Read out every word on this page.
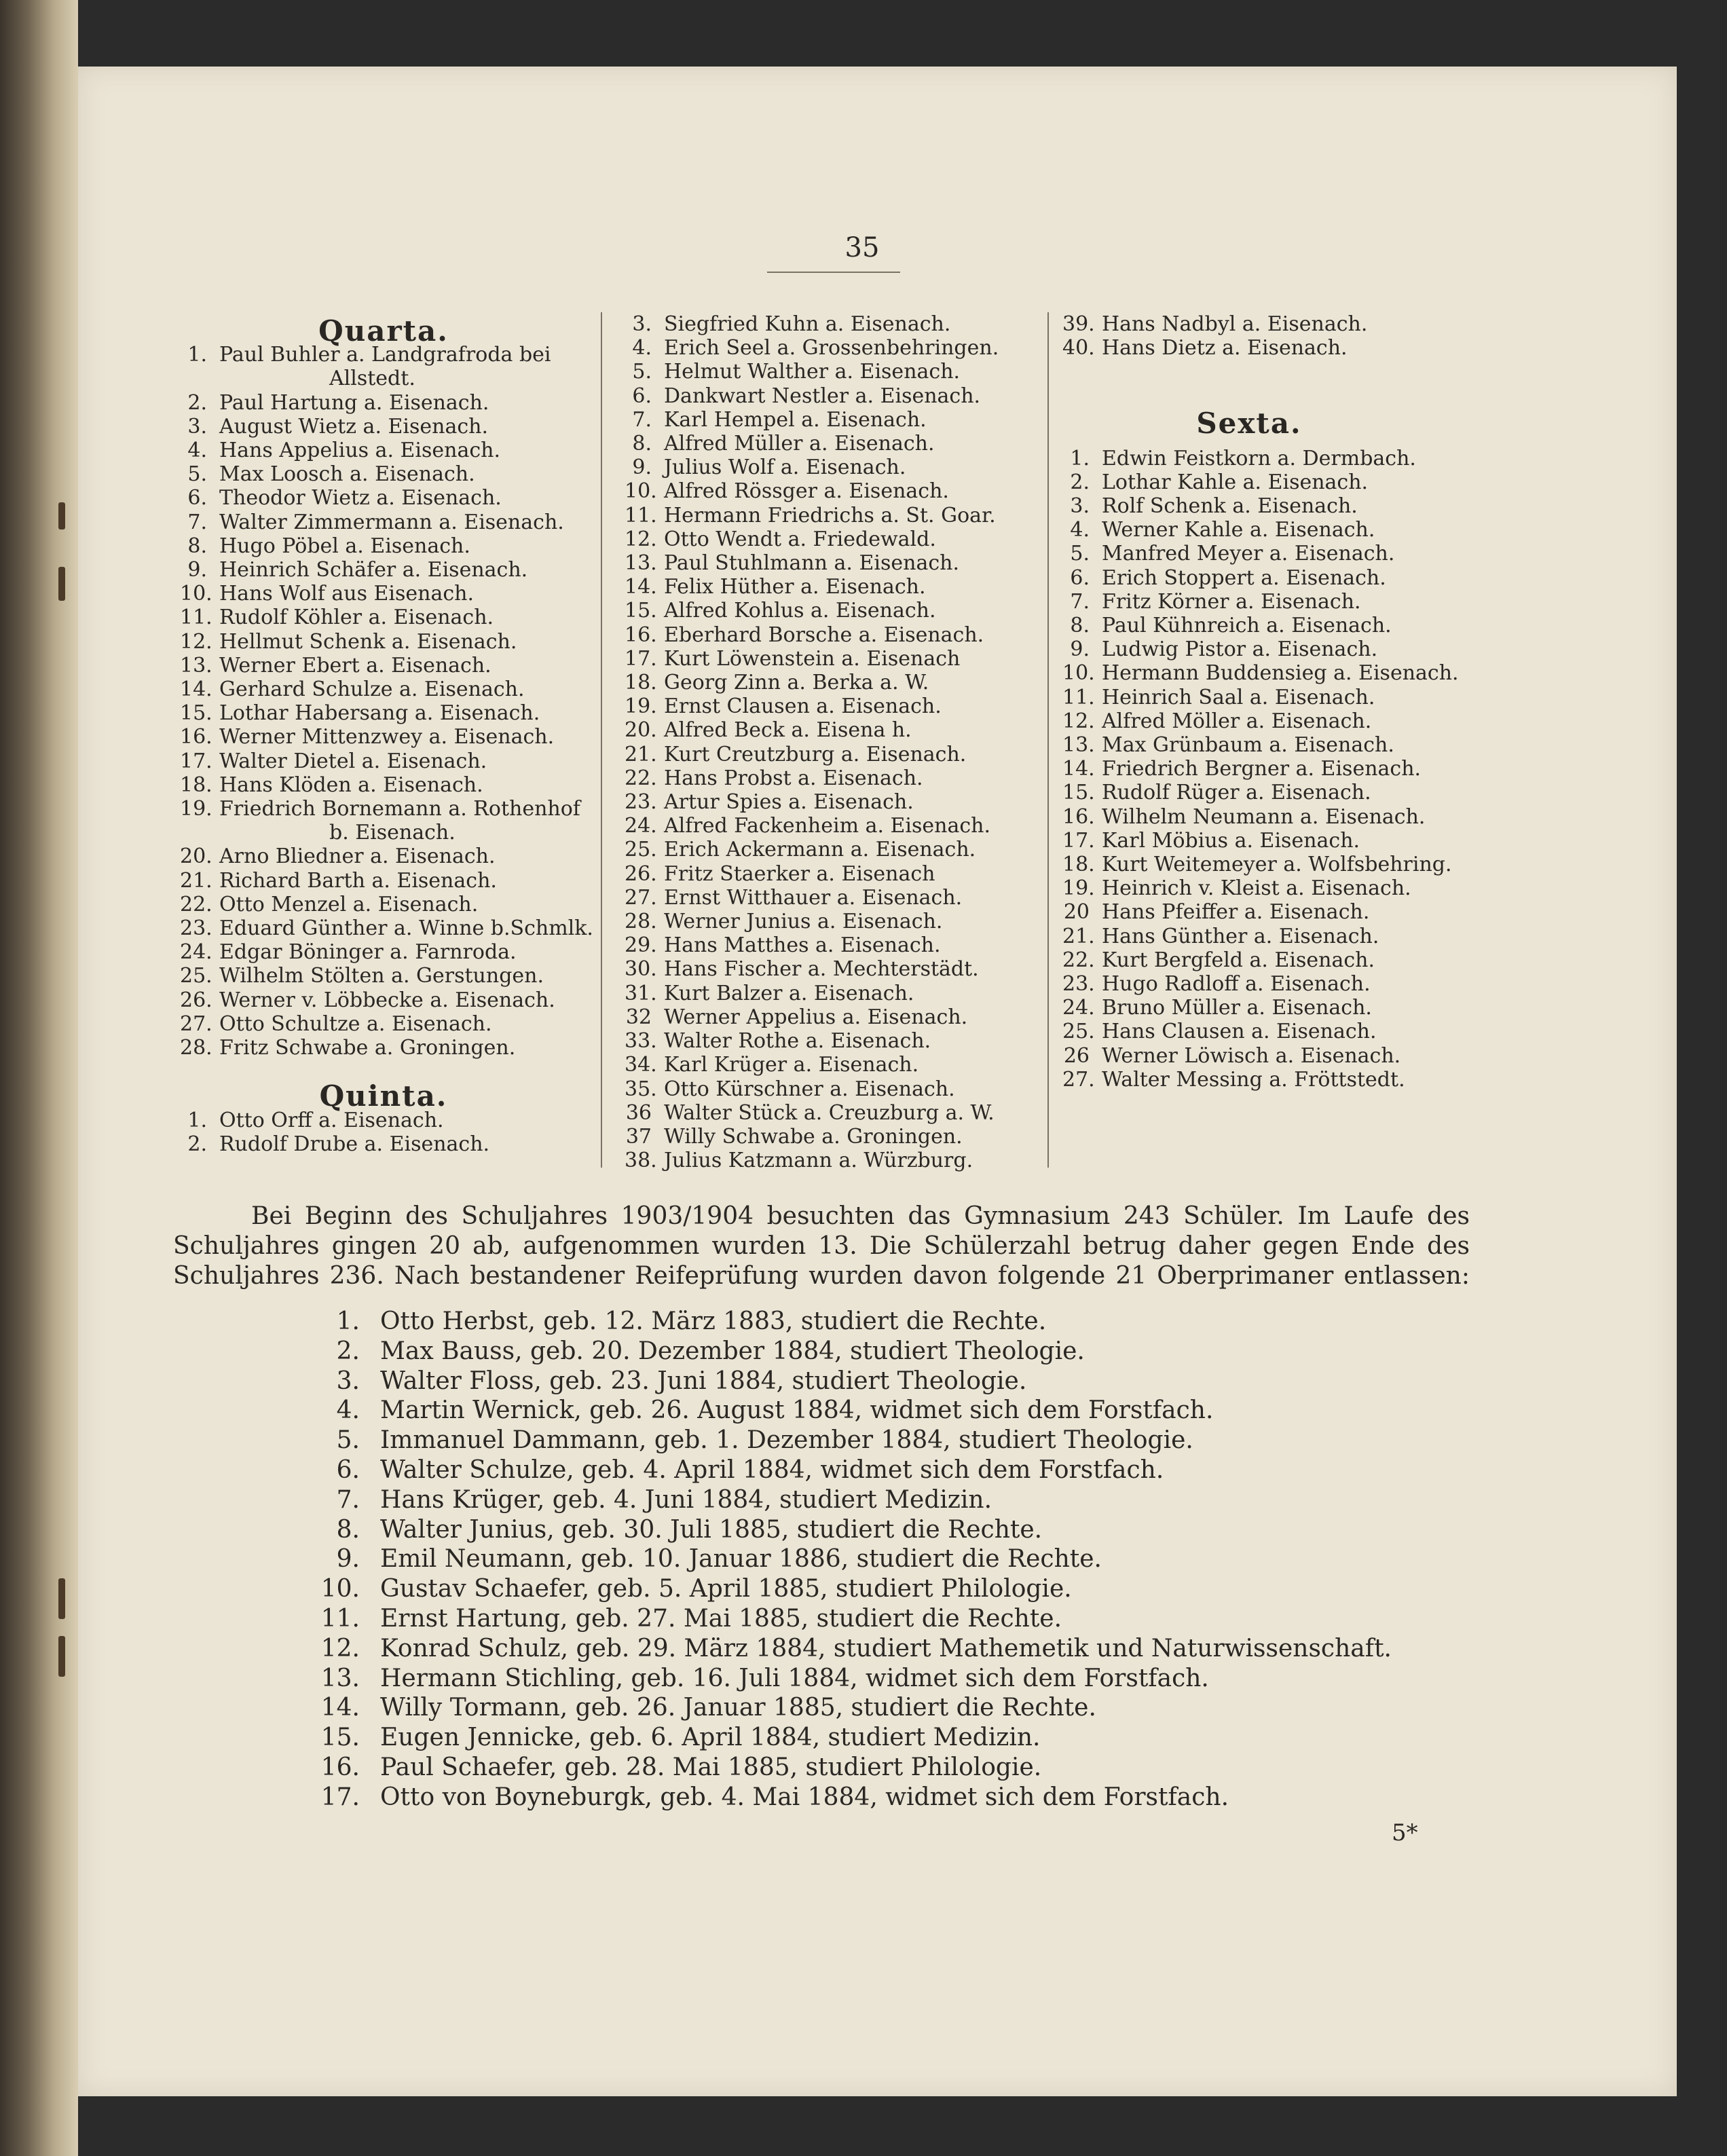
35
Quarta.
1. Paul Buhler a. Landgrafroda bei
Allstedt.
2. Paul Hartung a. Eisenach.
3. August Wietz a. Eisenach.
4. Hans Appelius a. Eisenach.
5. Max Loosch a. Eisenach.
6. Theodor Wietz a. Eisenach.
7. Walter Zimmermann a. Eisenach.
8. Hugo Pöbel a. Eisenach.
9. Heinrich Schäfer a. Eisenach.
10. Hans Wolf aus Eisenach.
11. Rudolf Köhler a. Eisenach.
12. Hellmut Schenk a. Eisenach.
13. Werner Ebert a. Eisenach.
14. Gerhard Schulze a. Eisenach.
15. Lothar Habersang a. Eisenach.
16. Werner Mittenzwey a. Eisenach.
17. Walter Dietel a. Eisenach.
18. Hans Klöden a. Eisenach.
19. Friedrich Bornemann a. Rothenhof
b. Eisenach.
20. Arno Bliedner a. Eisenach.
21. Richard Barth a. Eisenach.
22. Otto Menzel a. Eisenach.
23. Eduard Günther a. Winne b.Schmlk.
24. Edgar Böninger a. Farnroda.
25. Wilhelm Stölten a. Gerstungen.
26. Werner v. Löbbecke a. Eisenach.
27. Otto Schultze a. Eisenach.
28. Fritz Schwabe a. Groningen.
Quinta.
1. Otto Orff a. Eisenach.
2. Rudolf Drube a. Eisenach.
3. Siegfried Kuhn a. Eisenach.
4. Erich Seel a. Grossenbehringen.
5. Helmut Walther a. Eisenach.
6. Dankwart Nestler a. Eisenach.
7. Karl Hempel a. Eisenach.
8. Alfred Müller a. Eisenach.
9. Julius Wolf a. Eisenach.
10. Alfred Rössger a. Eisenach.
11. Hermann Friedrichs a. St. Goar.
12. Otto Wendt a. Friedewald.
13. Paul Stuhlmann a. Eisenach.
14. Felix Hüther a. Eisenach.
15. Alfred Kohlus a. Eisenach.
16. Eberhard Borsche a. Eisenach.
17. Kurt Löwenstein a. Eisenach
18. Georg Zinn a. Berka a. W.
19. Ernst Clausen a. Eisenach.
20. Alfred Beck a. Eisena h.
21. Kurt Creutzburg a. Eisenach.
22. Hans Probst a. Eisenach.
23. Artur Spies a. Eisenach.
24. Alfred Fackenheim a. Eisenach.
25. Erich Ackermann a. Eisenach.
26. Fritz Staerker a. Eisenach
27. Ernst Witthauer a. Eisenach.
28. Werner Junius a. Eisenach.
29. Hans Matthes a. Eisenach.
30. Hans Fischer a. Mechterstädt.
31. Kurt Balzer a. Eisenach.
32 Werner Appelius a. Eisenach.
33. Walter Rothe a. Eisenach.
34. Karl Krüger a. Eisenach.
35. Otto Kürschner a. Eisenach.
36 Walter Stück a. Creuzburg a. W.
37 Willy Schwabe a. Groningen.
38. Julius Katzmann a. Würzburg.
39. Hans Nadbyl a. Eisenach.
40. Hans Dietz a. Eisenach.
Sexta.
1. Edwin Feistkorn a. Dermbach.
2. Lothar Kahle a. Eisenach.
3. Rolf Schenk a. Eisenach.
4. Werner Kahle a. Eisenach.
5. Manfred Meyer a. Eisenach.
6. Erich Stoppert a. Eisenach.
7. Fritz Körner a. Eisenach.
8. Paul Kühnreich a. Eisenach.
9. Ludwig Pistor a. Eisenach.
10. Hermann Buddensieg a. Eisenach.
11. Heinrich Saal a. Eisenach.
12. Alfred Möller a. Eisenach.
13. Max Grünbaum a. Eisenach.
14. Friedrich Bergner a. Eisenach.
15. Rudolf Rüger a. Eisenach.
16. Wilhelm Neumann a. Eisenach.
17. Karl Möbius a. Eisenach.
18. Kurt Weitemeyer a. Wolfsbehring.
19. Heinrich v. Kleist a. Eisenach.
20 Hans Pfeiffer a. Eisenach.
21. Hans Günther a. Eisenach.
22. Kurt Bergfeld a. Eisenach.
23. Hugo Radloff a. Eisenach.
24. Bruno Müller a. Eisenach.
25. Hans Clausen a. Eisenach.
26 Werner Löwisch a. Eisenach.
27. Walter Messing a. Fröttstedt.
Bei Beginn des Schuljahres 1903/1904 besuchten das Gymnasium 243 Schüler. Im Laufe des
Schuljahres gingen 20 ab, aufgenommen wurden 13. Die Schülerzahl betrug daher gegen Ende des
Schuljahres 236. Nach bestandener Reifeprüfung wurden davon folgende 21 Oberprimaner entlassen:
1. Otto Herbst, geb. 12. März 1883, studiert die Rechte.
2. Max Bauss, geb. 20. Dezember 1884, studiert Theologie.
3. Walter Floss, geb. 23. Juni 1884, studiert Theologie.
4. Martin Wernick, geb. 26. August 1884, widmet sich dem Forstfach.
5. Immanuel Dammann, geb. 1. Dezember 1884, studiert Theologie.
6. Walter Schulze, geb. 4. April 1884, widmet sich dem Forstfach.
7. Hans Krüger, geb. 4. Juni 1884, studiert Medizin.
8. Walter Junius, geb. 30. Juli 1885, studiert die Rechte.
9. Emil Neumann, geb. 10. Januar 1886, studiert die Rechte.
10. Gustav Schaefer, geb. 5. April 1885, studiert Philologie.
11. Ernst Hartung, geb. 27. Mai 1885, studiert die Rechte.
12. Konrad Schulz, geb. 29. März 1884, studiert Mathemetik und Naturwissenschaft.
13. Hermann Stichling, geb. 16. Juli 1884, widmet sich dem Forstfach.
14. Willy Tormann, geb. 26. Januar 1885, studiert die Rechte.
15. Eugen Jennicke, geb. 6. April 1884, studiert Medizin.
16. Paul Schaefer, geb. 28. Mai 1885, studiert Philologie.
17. Otto von Boyneburgk, geb. 4. Mai 1884, widmet sich dem Forstfach.
5*
